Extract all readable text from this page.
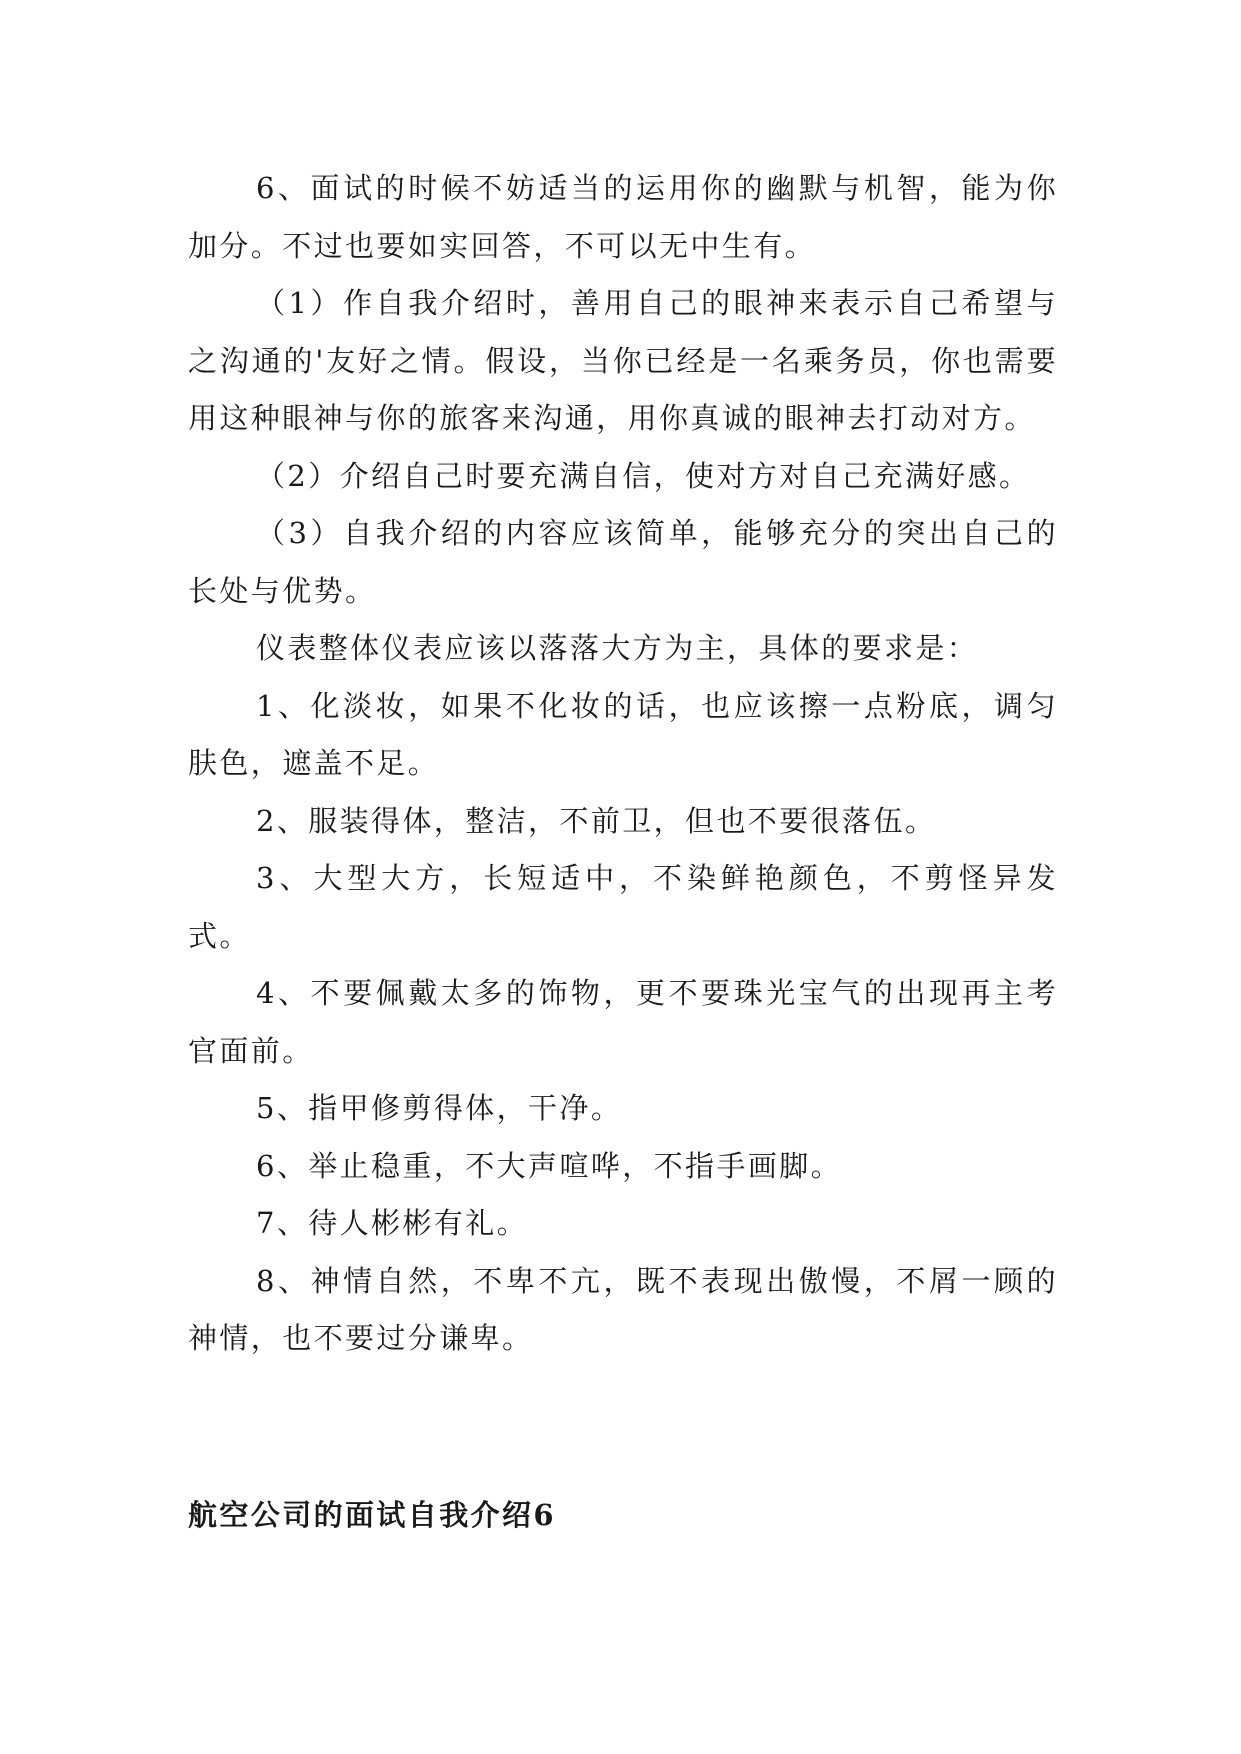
6、面试的时候不妨适当的运用你的幽默与机智，能为你加分。不过也要如实回答，不可以无中生有。

（1）作自我介绍时，善用自己的眼神来表示自己希望与之沟通的'友好之情。假设，当你已经是一名乘务员，你也需要用这种眼神与你的旅客来沟通，用你真诚的眼神去打动对方。

（2）介绍自己时要充满自信，使对方对自己充满好感。

（3）自我介绍的内容应该简单，能够充分的突出自己的长处与优势。

仪表整体仪表应该以落落大方为主，具体的要求是：

1、化淡妆，如果不化妆的话，也应该擦一点粉底，调匀肤色，遮盖不足。

2、服装得体，整洁，不前卫，但也不要很落伍。

3、大型大方，长短适中，不染鲜艳颜色，不剪怪异发式。

4、不要佩戴太多的饰物，更不要珠光宝气的出现再主考官面前。

5、指甲修剪得体，干净。

6、举止稳重，不大声喧哗，不指手画脚。

7、待人彬彬有礼。

8、神情自然，不卑不亢，既不表现出傲慢，不屑一顾的神情，也不要过分谦卑。

航空公司的面试自我介绍6
